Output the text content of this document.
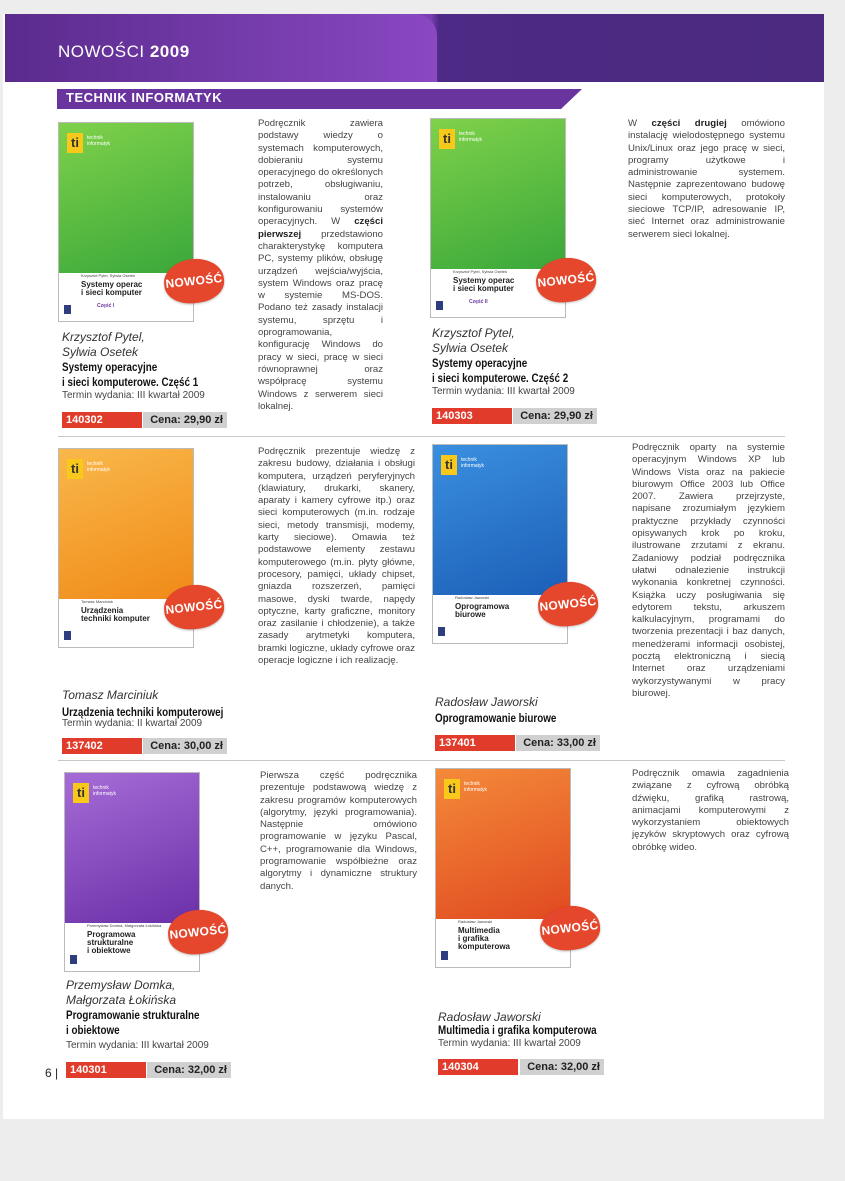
NOWOŚCI 2009
TECHNIK INFORMATYK
ti	technik
informatyk
Krzysztof Pytel, Sylwia Osetek
Systemy operac
i sieci komputer
Część I
NOWOŚĆ
Krzysztof Pytel,
Sylwia Osetek
Systemy operacyjne
i sieci komputerowe. Część 1
Termin wydania: III kwartał 2009
140302	Cena: 29,90 zł
Podręcznik zawiera podstawy wiedzy o systemach komputerowych, dobieraniu systemu operacyjnego do określonych potrzeb, obsługiwaniu, instalowaniu oraz konfigurowaniu systemów operacyjnych. W części pierwszej przedstawiono charakterystykę komputera PC, systemy plików, obsługę urządzeń wejścia/wyjścia, system Windows oraz pracę w systemie MS-DOS. Podano też zasady instalacji systemu, sprzętu i oprogramowania, konfigurację Windows do pracy w sieci, pracę w sieci równoprawnej oraz współpracę systemu Windows z serwerem sieci lokalnej.
ti	technik
informatyk
Krzysztof Pytel, Sylwia Osetek
Systemy operac
i sieci komputer
Część II
NOWOŚĆ
Krzysztof Pytel,
Sylwia Osetek
Systemy operacyjne
i sieci komputerowe. Część 2
Termin wydania: III kwartał 2009
140303	Cena: 29,90 zł
W części drugiej omówiono instalację wielodostępnego systemu Unix/Linux oraz jego pracę w sieci, programy użytkowe i administrowanie systemem. Następnie zaprezentowano budowę sieci komputerowych, protokoły sieciowe TCP/IP, adresowanie IP, sieć Internet oraz administrowanie serwerem sieci lokalnej.
ti	technik
informatyk
Tomasz Marciniuk
Urządzenia
techniki komputer
NOWOŚĆ
Tomasz Marciniuk
Urządzenia techniki komputerowej
Termin wydania: II kwartał 2009
137402	Cena: 30,00 zł
Podręcznik prezentuje wiedzę z zakresu budowy, działania i obsługi komputera, urządzeń peryferyjnych (klawiatury, drukarki, skanery, aparaty i kamery cyfrowe itp.) oraz sieci komputerowych (m.in. rodzaje sieci, metody transmisji, modemy, karty sieciowe). Omawia też podstawowe elementy zestawu komputerowego (m.in. płyty główne, procesory, pamięci, układy chipset, gniazda rozszerzeń, pamięci masowe, dyski twarde, napędy optyczne, karty graficzne, monitory oraz zasilanie i chłodzenie), a także zasady arytmetyki komputera, bramki logiczne, układy cyfrowe oraz operacje logiczne i ich realizację.
ti	technik
informatyk
Radosław Jaworski
Oprogramowa
biurowe
NOWOŚĆ
Radosław Jaworski
Oprogramowanie biurowe
137401	Cena: 33,00 zł
Podręcznik oparty na systemie operacyjnym Windows XP lub Windows Vista oraz na pakiecie biurowym Office 2003 lub Office 2007. Zawiera przejrzyste, napisane zrozumiałym językiem praktyczne przykłady czynności opisywanych krok po kroku, ilustrowane zrzutami z ekranu. Zadaniowy podział podręcznika ułatwi odnalezienie instrukcji wykonania konkretnej czynności. Książka uczy posługiwania się edytorem tekstu, arkuszem kalkulacyjnym, programami do tworzenia prezentacji i baz danych, menedżerami informacji osobistej, pocztą elektroniczną i siecią Internet oraz urządzeniami wykorzystywanymi w pracy biurowej.
ti	technik
informatyk
Przemysław Domka, Małgorzata Łokińska
Programowa
strukturalne
i obiektowe
NOWOŚĆ
Przemysław Domka,
Małgorzata Łokińska
Programowanie strukturalne
i obiektowe
Termin wydania: III kwartał 2009
140301	Cena: 32,00 zł
Pierwsza część podręcznika prezentuje podstawową wiedzę z zakresu programów komputerowych (algorytmy, języki programowania). Następnie omówiono programowanie w języku Pascal, C++, programowanie dla Windows, programowanie współbieżne oraz algorytmy i dynamiczne struktury danych.
ti	technik
informatyk
Radosław Jaworski
Multimedia
i grafika
komputerowa
NOWOŚĆ
Radosław Jaworski
Multimedia i grafika komputerowa
Termin wydania: III kwartał 2009
140304	Cena: 32,00 zł
Podręcznik omawia zagadnienia związane z cyfrową obróbką dźwięku, grafiką rastrową, animacjami komputerowymi z wykorzystaniem obiektowych języków skryptowych oraz cyfrową obróbkę wideo.
6 |
